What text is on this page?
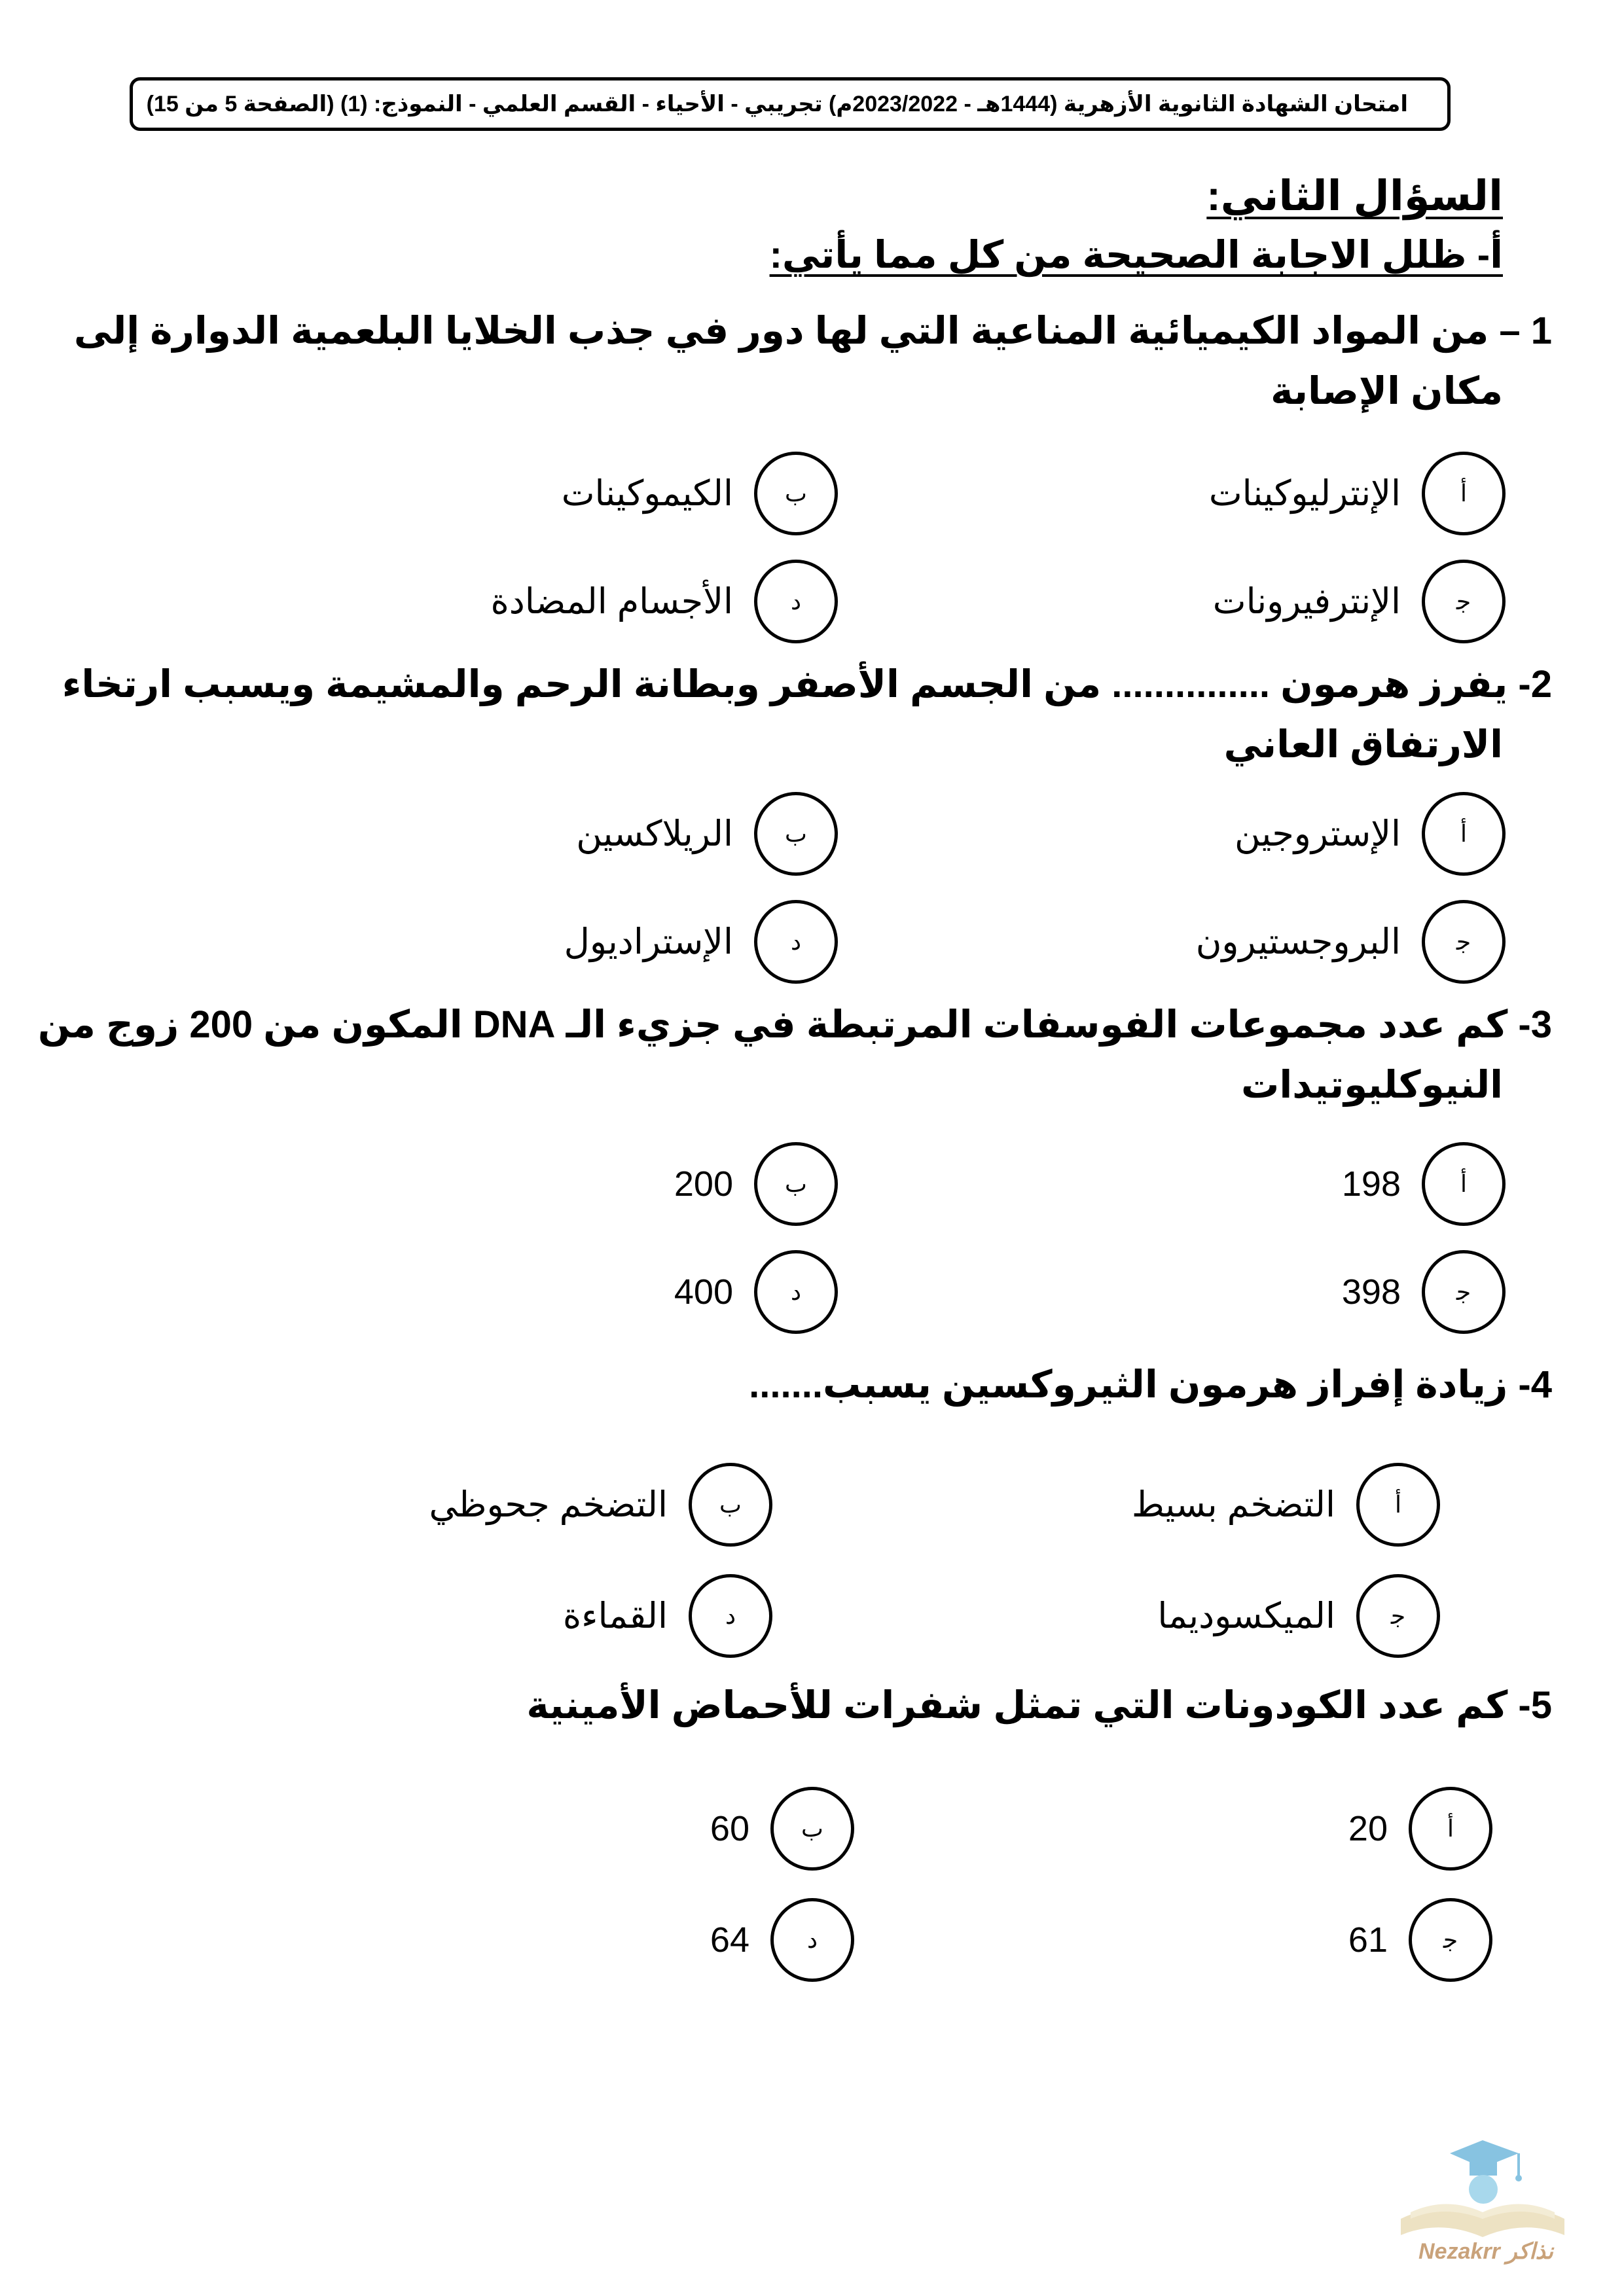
امتحان الشهادة الثانوية الأزهرية (1444هـ - 2023/2022م) تجريبي - الأحياء - القسم العلمي - النموذج: (1) (الصفحة 5 من 15)
السؤال الثاني:
أ- ظلل الاجابة الصحيحة من كل مما يأتي:
1 – من المواد الكيميائية المناعية التي لها دور في جذب الخلايا البلعمية الدوارة إلى
مكان الإصابة
أ
الإنترليوكينات
ب
الكيموكينات
ﺟ
الإنترفيرونات
د
الأجسام المضادة
2- يفرز هرمون ............... من الجسم الأصفر وبطانة الرحم والمشيمة ويسبب ارتخاء
الارتفاق العاني
أ
الإستروجين
ب
الريلاكسين
ﺟ
البروجستيرون
د
الإستراديول
3- كم عدد مجموعات الفوسفات المرتبطة في جزيء الـ DNA المكون من 200 زوج من
النيوكليوتيدات
أ
198
ب
200
ﺟ
398
د
400
4- زيادة إفراز هرمون الثيروكسين يسبب.......
أ
التضخم بسيط
ب
التضخم جحوظي
ﺟ
الميكسوديما
د
القماءة
5- كم عدد الكودونات التي تمثل شفرات للأحماض الأمينية
أ
20
ب
60
ﺟ
61
د
64
Nezakrr نذاكر
